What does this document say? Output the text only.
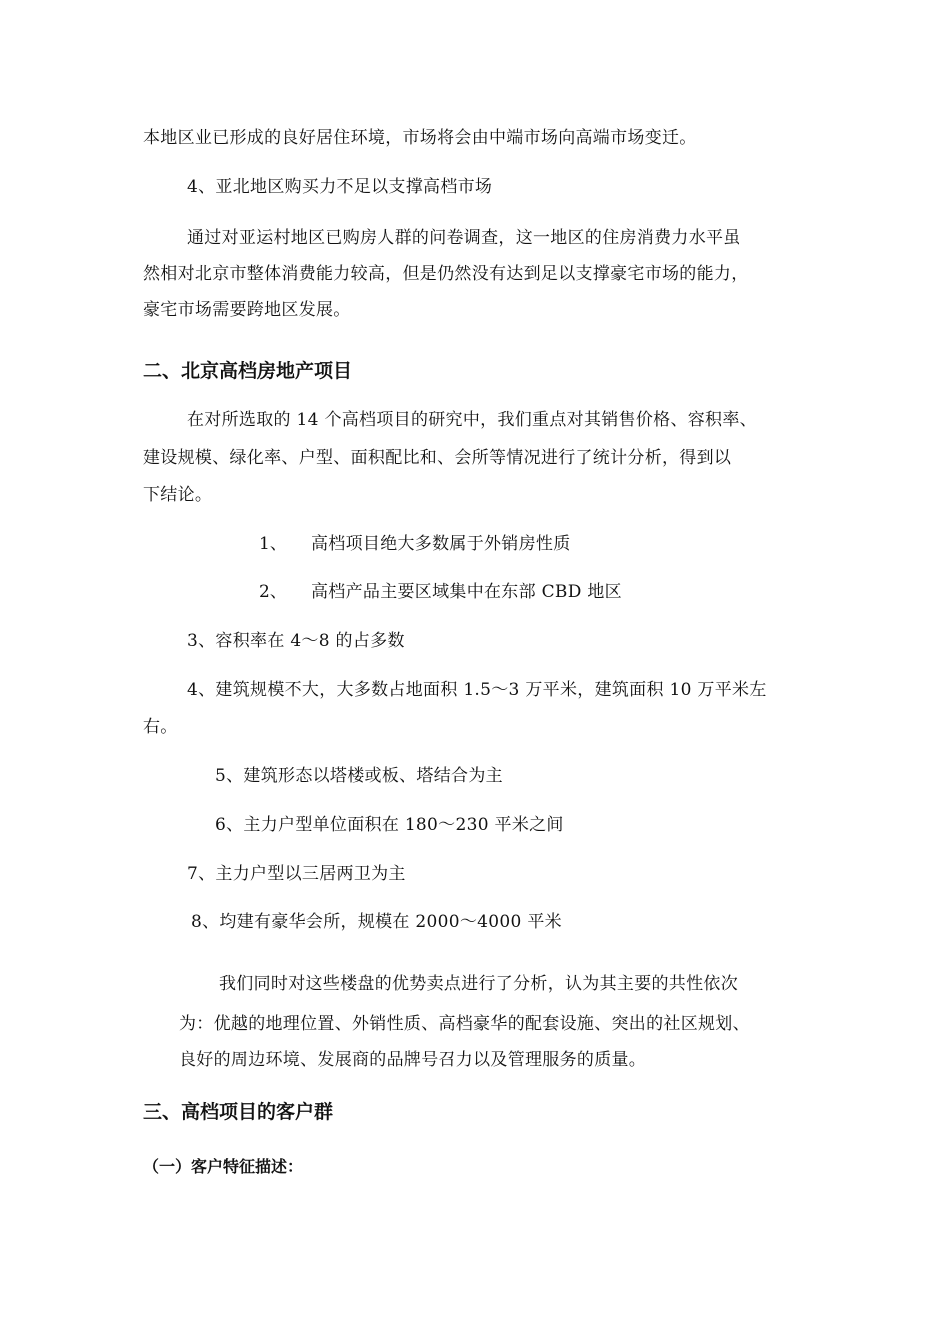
本地区业已形成的良好居住环境，市场将会由中端市场向高端市场变迁。
4、亚北地区购买力不足以支撑高档市场
通过对亚运村地区已购房人群的问卷调查，这一地区的住房消费力水平虽
然相对北京市整体消费能力较高，但是仍然没有达到足以支撑豪宅市场的能力，
豪宅市场需要跨地区发展。
二、北京高档房地产项目
在对所选取的 14 个高档项目的研究中，我们重点对其销售价格、容积率、
建设规模、绿化率、户型、面积配比和、会所等情况进行了统计分析，得到以
下结论。
1、 高档项目绝大多数属于外销房性质
2、 高档产品主要区域集中在东部 CBD 地区
3、容积率在 4～8 的占多数
4、建筑规模不大，大多数占地面积 1.5～3 万平米，建筑面积 10 万平米左
右。
5、建筑形态以塔楼或板、塔结合为主
6、主力户型单位面积在 180～230 平米之间
7、主力户型以三居两卫为主
8、均建有豪华会所，规模在 2000～4000 平米
我们同时对这些楼盘的优势卖点进行了分析，认为其主要的共性依次
为：优越的地理位置、外销性质、高档豪华的配套设施、突出的社区规划、
良好的周边环境、发展商的品牌号召力以及管理服务的质量。
三、高档项目的客户群
（一）客户特征描述：
